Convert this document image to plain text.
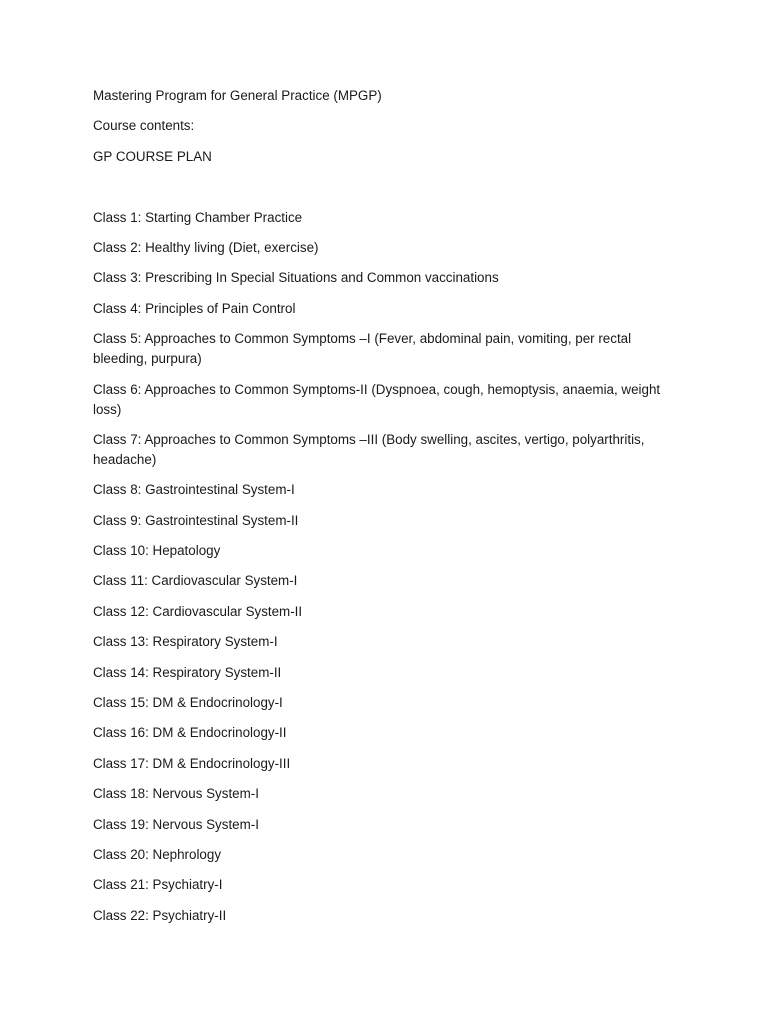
Mastering Program for General Practice (MPGP)

Course contents:

GP COURSE PLAN

Class 1: Starting Chamber Practice

Class 2: Healthy living (Diet, exercise)

Class 3: Prescribing In Special Situations and Common vaccinations

Class 4: Principles of Pain Control

Class 5: Approaches to Common Symptoms –I (Fever, abdominal pain, vomiting, per rectal bleeding, purpura)

Class 6: Approaches to Common Symptoms-II (Dyspnoea, cough, hemoptysis, anaemia, weight loss)

Class 7: Approaches to Common Symptoms –III (Body swelling, ascites, vertigo, polyarthritis, headache)

Class 8: Gastrointestinal System-I

Class 9: Gastrointestinal System-II

Class 10: Hepatology

Class 11: Cardiovascular System-I

Class 12: Cardiovascular System-II

Class 13: Respiratory System-I

Class 14: Respiratory System-II

Class 15: DM & Endocrinology-I

Class 16: DM & Endocrinology-II

Class 17: DM & Endocrinology-III

Class 18: Nervous System-I

Class 19: Nervous System-I

Class 20: Nephrology

Class 21: Psychiatry-I

Class 22: Psychiatry-II
